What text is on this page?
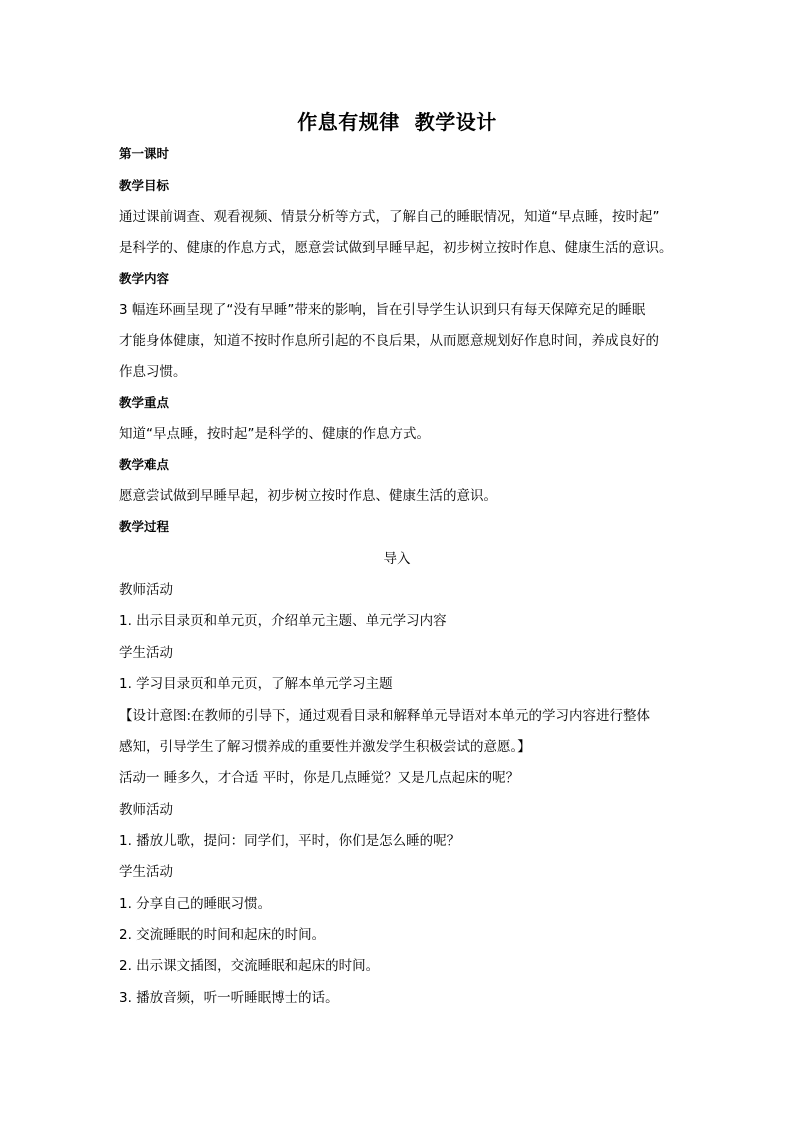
作息有规律  教学设计
第一课时
教学目标
通过课前调查、观看视频、情景分析等方式，了解自己的睡眠情况，知道“早点睡，按时起”
是科学的、健康的作息方式，愿意尝试做到早睡早起，初步树立按时作息、健康生活的意识。
教学内容
3 幅连环画呈现了“没有早睡”带来的影响，旨在引导学生认识到只有每天保障充足的睡眠
才能身体健康，知道不按时作息所引起的不良后果，从而愿意规划好作息时间，养成良好的
作息习惯。
教学重点
知道“早点睡，按时起”是科学的、健康的作息方式。
教学难点
愿意尝试做到早睡早起，初步树立按时作息、健康生活的意识。
教学过程
导入
教师活动
1. 出示目录页和单元页，介绍单元主题、单元学习内容
学生活动
1. 学习目录页和单元页，了解本单元学习主题
【设计意图:在教师的引导下，通过观看目录和解释单元导语对本单元的学习内容进行整体
感知，引导学生了解习惯养成的重要性并激发学生积极尝试的意愿。】
活动一 睡多久，才合适 平时，你是几点睡觉？又是几点起床的呢？
教师活动
1. 播放儿歌，提问：同学们，平时，你们是怎么睡的呢？
学生活动
1. 分享自己的睡眠习惯。
2. 交流睡眠的时间和起床的时间。
2. 出示课文插图，交流睡眠和起床的时间。
3. 播放音频，听一听睡眠博士的话。
